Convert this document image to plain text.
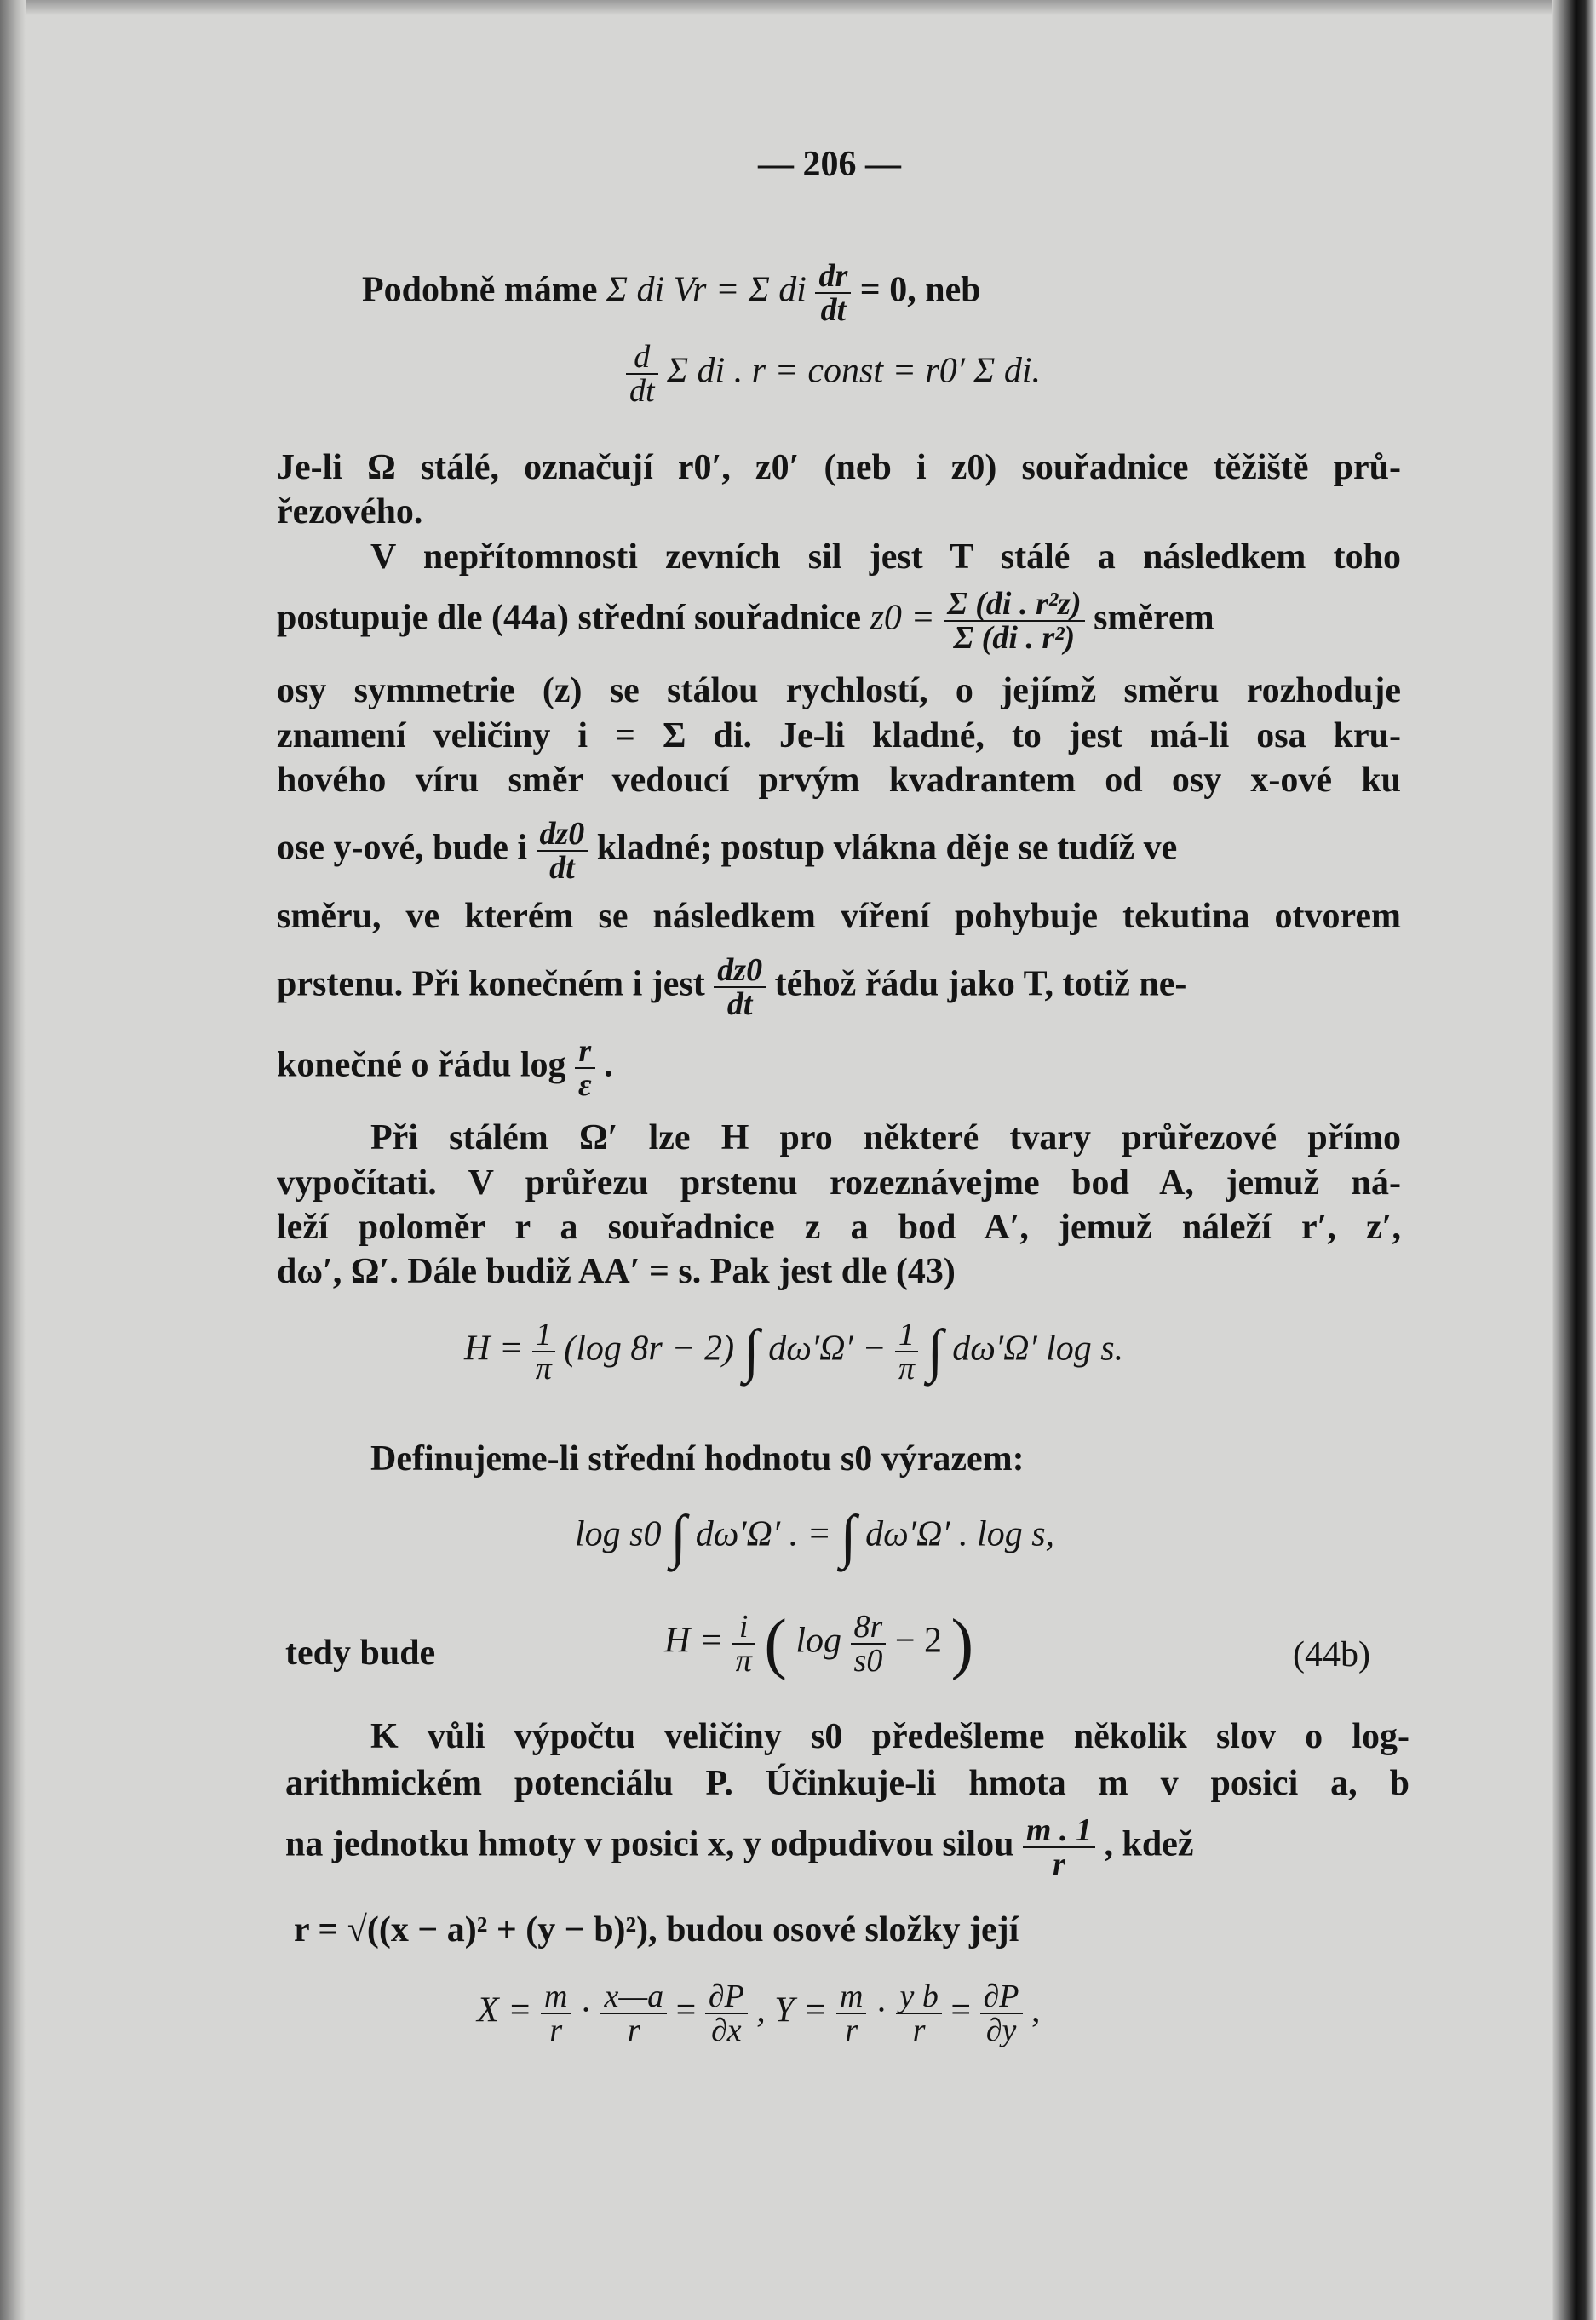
— 206 —
Podobně máme Σ di Vr = Σ di $\frac{dr}{dt} = 0$, neb
$\frac{d}{dt}$ Σ di . r = const = r0′ Σ di.
Je-li Ω stálé, označují r0′, z0′ (neb i z0) souřadnice těžiště prů-
řezového.
V nepřítomnosti zevních sil jest T stálé a následkem toho
postupuje dle (44a) střední souřadnice $z0 = \frac{\text{Σ (di . r²z)}}{\text{Σ (di . r²)}}$ směrem
osy symmetrie (z) se stálou rychlostí, o jejímž směru rozhoduje
znamení veličiny i = Σ di. Je-li kladné, to jest má-li osa kru-
hového víru směr vedoucí prvým kvadrantem od osy x-ové ku
ose y-ové, bude i $\frac{dz0}{dt}$ kladné; postup vlákna děje se tudíž ve
směru, ve kterém se následkem víření pohybuje tekutina otvorem
prstenu. Při konečném i jest $\frac{dz0}{dt}$ téhož řádu jako T, totiž ne-
konečné o řádu $\log \frac{r}{\varepsilon}$ .
Při stálém Ω′ lze H pro některé tvary průřezové přímo
vypočítati. V průřezu prstenu rozeznávejme bod A, jemuž ná-
leží poloměr r a souřadnice z a bod A′, jemuž náleží r′, z′,
dω′, Ω′. Dále budiž AA′ = s. Pak jest dle (43)
$H = \frac{1}{\pi} (\log$ 8r − 2) ∫ $d\omega'\Omega' - \frac{1}{\pi}$ ∫ dω′Ω′ log s.
Definujeme-li střední hodnotu s0 výrazem:
log s0 ∫ dω′Ω′ . = ∫ dω′Ω′ . log s,
tedy bude	$H = \frac{i}{\pi}$ ( $\log \frac{8r}{s0} - 2$ )	(44b)
K vůli výpočtu veličiny s0 předešleme několik slov o log-
arithmickém potenciálu P. Účinkuje-li hmota m v posici a, b
na jednotku hmoty v posici x, y odpudivou silou $\frac{m . 1}{r}$ , kdež
r = √((x − a)² + (y − b)²), budou osové složky její
$X = \frac{m}{r} \cdot \frac{x—a}{r} = \frac{\partial P}{\partial x}$ , $Y = \frac{m}{r} \cdot \frac{\text{y b}}{r} = \frac{\partial P}{\partial y}$ ,
